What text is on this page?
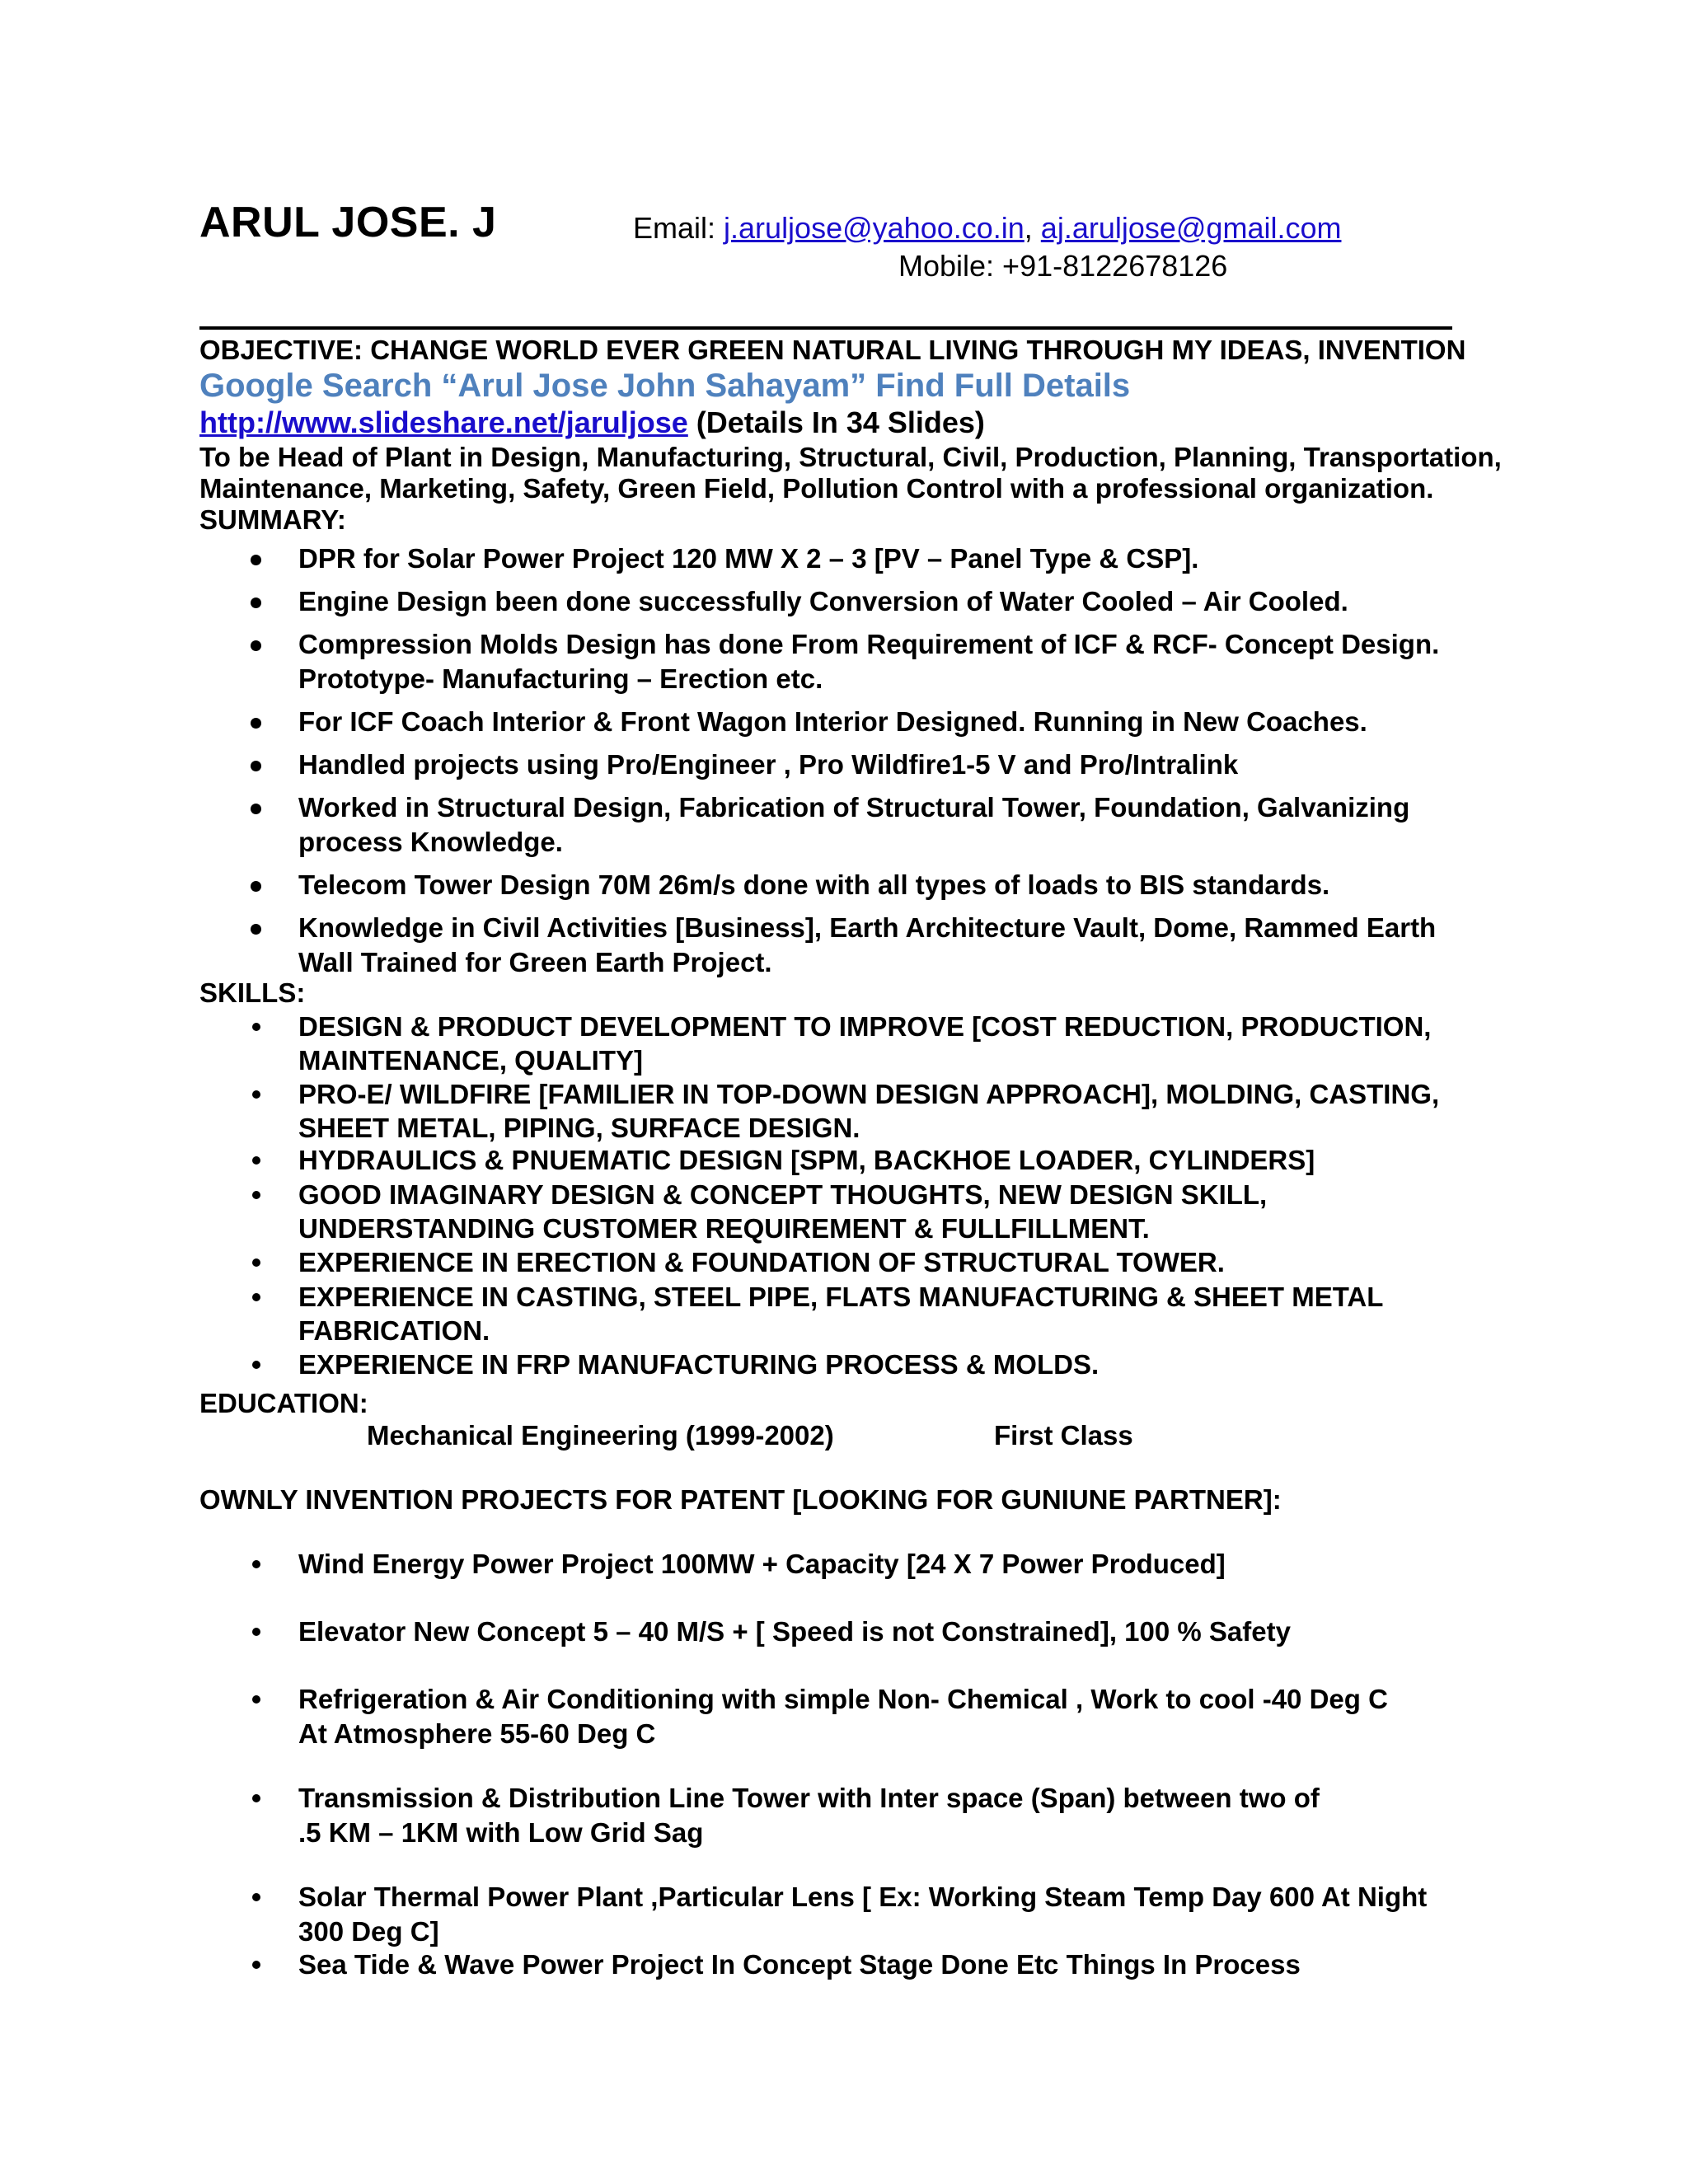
ARUL JOSE. J	Email: j.aruljose@yahoo.co.in, aj.aruljose@gmail.com
Mobile: +91-8122678126
OBJECTIVE: CHANGE WORLD EVER GREEN NATURAL LIVING THROUGH MY IDEAS, INVENTION
Google Search “Arul Jose John Sahayam” Find Full Details
http://www.slideshare.net/jaruljose (Details In 34 Slides)
To be Head of Plant in Design, Manufacturing, Structural, Civil, Production, Planning, Transportation,
Maintenance, Marketing, Safety, Green Field, Pollution Control with a professional organization.
SUMMARY:
DPR for Solar Power Project 120 MW X 2 – 3 [PV – Panel Type & CSP].
Engine Design been done successfully Conversion of Water Cooled – Air Cooled.
Compression Molds Design has done From Requirement of ICF & RCF- Concept Design.
Prototype- Manufacturing – Erection etc.
For ICF Coach Interior & Front Wagon Interior Designed. Running in New Coaches.
Handled projects using Pro/Engineer , Pro Wildfire1-5 V and Pro/Intralink
Worked in Structural Design, Fabrication of Structural Tower, Foundation, Galvanizing
process Knowledge.
Telecom Tower Design 70M 26m/s done with all types of loads to BIS standards.
Knowledge in Civil Activities [Business], Earth Architecture Vault, Dome, Rammed Earth
Wall Trained for Green Earth Project.
SKILLS:
DESIGN & PRODUCT DEVELOPMENT TO IMPROVE [COST REDUCTION, PRODUCTION,
MAINTENANCE, QUALITY]
PRO-E/ WILDFIRE [FAMILIER IN TOP-DOWN DESIGN APPROACH], MOLDING, CASTING,
SHEET METAL, PIPING, SURFACE DESIGN.
HYDRAULICS & PNUEMATIC DESIGN [SPM, BACKHOE LOADER, CYLINDERS]
GOOD IMAGINARY DESIGN & CONCEPT THOUGHTS, NEW DESIGN SKILL,
UNDERSTANDING CUSTOMER REQUIREMENT & FULLFILLMENT.
EXPERIENCE IN ERECTION & FOUNDATION OF STRUCTURAL TOWER.
EXPERIENCE IN CASTING, STEEL PIPE, FLATS MANUFACTURING & SHEET METAL
FABRICATION.
EXPERIENCE IN FRP MANUFACTURING PROCESS & MOLDS.
EDUCATION:
Mechanical Engineering (1999-2002)	First Class
OWNLY INVENTION PROJECTS FOR PATENT [LOOKING FOR GUNIUNE PARTNER]:
Wind Energy Power Project 100MW + Capacity [24 X 7 Power Produced]
Elevator New Concept 5 – 40 M/S + [ Speed is not Constrained], 100 % Safety
Refrigeration & Air Conditioning with simple Non- Chemical , Work to cool -40 Deg C
At Atmosphere 55-60 Deg C
Transmission & Distribution Line Tower with Inter space (Span) between two of
.5 KM – 1KM with Low Grid Sag
Solar Thermal Power Plant ,Particular Lens [ Ex: Working Steam Temp Day 600 At Night
300 Deg C]
Sea Tide & Wave Power Project In Concept Stage Done Etc Things In Process
